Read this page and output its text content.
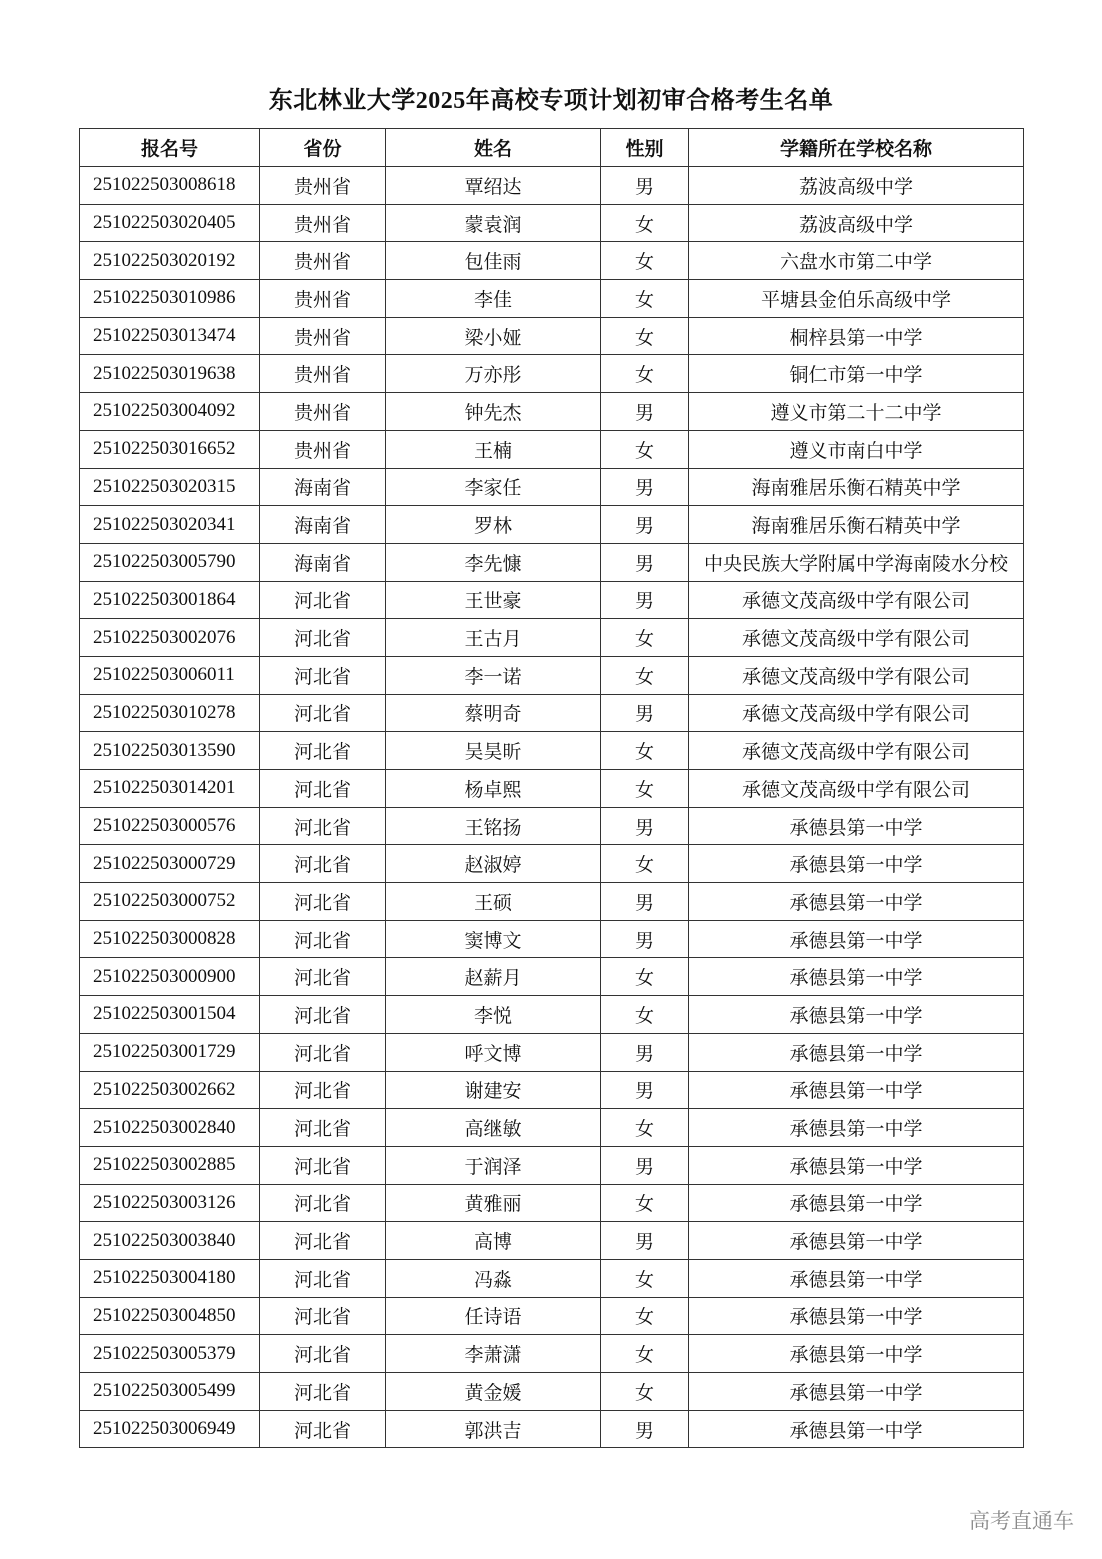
东北林业大学2025年高校专项计划初审合格考生名单
报名号	省份	姓名	性别	学籍所在学校名称
251022503008618	贵州省	覃绍达	男	荔波高级中学
251022503020405	贵州省	蒙袁润	女	荔波高级中学
251022503020192	贵州省	包佳雨	女	六盘水市第二中学
251022503010986	贵州省	李佳	女	平塘县金伯乐高级中学
251022503013474	贵州省	梁小娅	女	桐梓县第一中学
251022503019638	贵州省	万亦彤	女	铜仁市第一中学
251022503004092	贵州省	钟先杰	男	遵义市第二十二中学
251022503016652	贵州省	王楠	女	遵义市南白中学
251022503020315	海南省	李家任	男	海南雅居乐衡石精英中学
251022503020341	海南省	罗林	男	海南雅居乐衡石精英中学
251022503005790	海南省	李先慷	男	中央民族大学附属中学海南陵水分校
251022503001864	河北省	王世豪	男	承德文茂高级中学有限公司
251022503002076	河北省	王古月	女	承德文茂高级中学有限公司
251022503006011	河北省	李一诺	女	承德文茂高级中学有限公司
251022503010278	河北省	蔡明奇	男	承德文茂高级中学有限公司
251022503013590	河北省	吴昊昕	女	承德文茂高级中学有限公司
251022503014201	河北省	杨卓熙	女	承德文茂高级中学有限公司
251022503000576	河北省	王铭扬	男	承德县第一中学
251022503000729	河北省	赵淑婷	女	承德县第一中学
251022503000752	河北省	王硕	男	承德县第一中学
251022503000828	河北省	窦博文	男	承德县第一中学
251022503000900	河北省	赵薪月	女	承德县第一中学
251022503001504	河北省	李悦	女	承德县第一中学
251022503001729	河北省	呼文博	男	承德县第一中学
251022503002662	河北省	谢建安	男	承德县第一中学
251022503002840	河北省	高继敏	女	承德县第一中学
251022503002885	河北省	于润泽	男	承德县第一中学
251022503003126	河北省	黄雅丽	女	承德县第一中学
251022503003840	河北省	高博	男	承德县第一中学
251022503004180	河北省	冯淼	女	承德县第一中学
251022503004850	河北省	任诗语	女	承德县第一中学
251022503005379	河北省	李萧潇	女	承德县第一中学
251022503005499	河北省	黄金媛	女	承德县第一中学
251022503006949	河北省	郭洪吉	男	承德县第一中学
高考直通车
